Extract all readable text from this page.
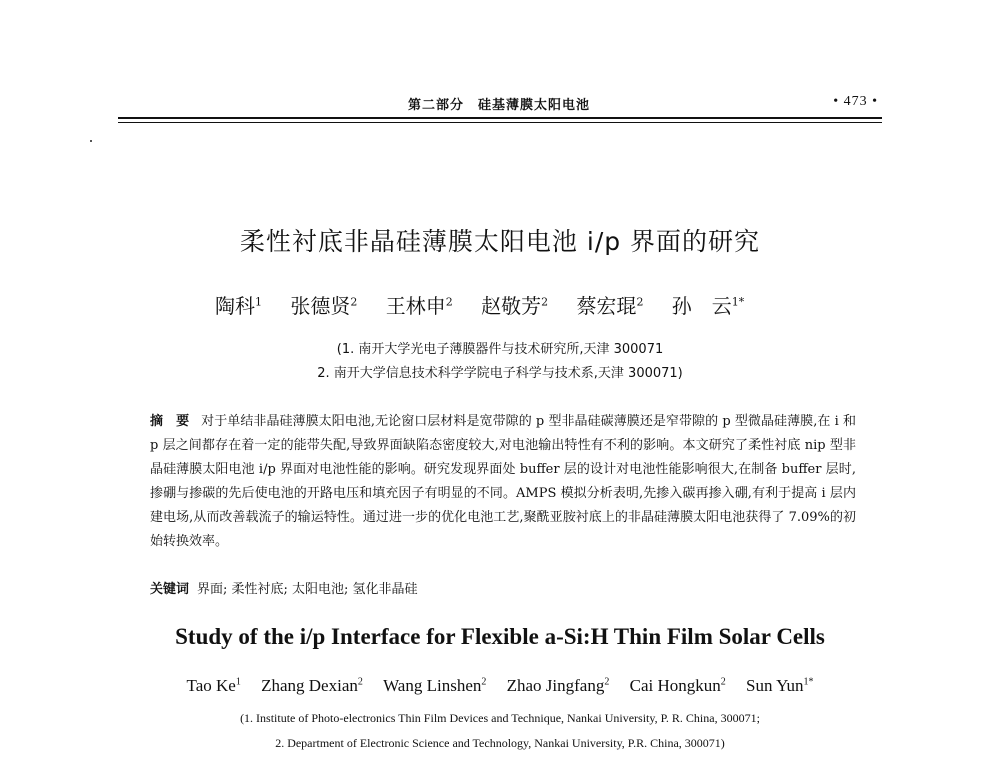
第二部分　硅基薄膜太阳电池	• 473 •
柔性衬底非晶硅薄膜太阳电池 i/p 界面的研究
陶科$^1$ 张德贤$^2$ 王林申$^2$ 赵敬芳$^2$ 蔡宏琨$^2$ 孙　云$^{1*}$
(1. 南开大学光电子薄膜器件与技术研究所,天津 300071
2. 南开大学信息技术科学学院电子科学与技术系,天津 300071)
摘　要 对于单结非晶硅薄膜太阳电池,无论窗口层材料是宽带隙的 p 型非晶硅碳薄膜还是窄带隙的 p 型微晶硅薄膜,在 i 和 p 层之间都存在着一定的能带失配,导致界面缺陷态密度较大,对电池输出特性有不利的影响。本文研究了柔性衬底 nip 型非晶硅薄膜太阳电池 i/p 界面对电池性能的影响。研究发现界面处 buffer 层的设计对电池性能影响很大,在制备 buffer 层时,掺硼与掺碳的先后使电池的开路电压和填充因子有明显的不同。AMPS 模拟分析表明,先掺入碳再掺入硼,有利于提高 i 层内建电场,从而改善载流子的输运特性。通过进一步的优化电池工艺,聚酰亚胺衬底上的非晶硅薄膜太阳电池获得了 7.09%的初始转换效率。
关键词 界面; 柔性衬底; 太阳电池; 氢化非晶硅
Study of the i/p Interface for Flexible a-Si:H Thin Film Solar Cells
Tao Ke$^1$ Zhang Dexian$^2$ Wang Linshen$^2$ Zhao Jingfang$^2$ Cai Hongkun$^2$ Sun Yun$^{1*}$
(1. Institute of Photo-electronics Thin Film Devices and Technique, Nankai University, P. R. China, 300071;
2. Department of Electronic Science and Technology, Nankai University, P.R. China, 300071)
